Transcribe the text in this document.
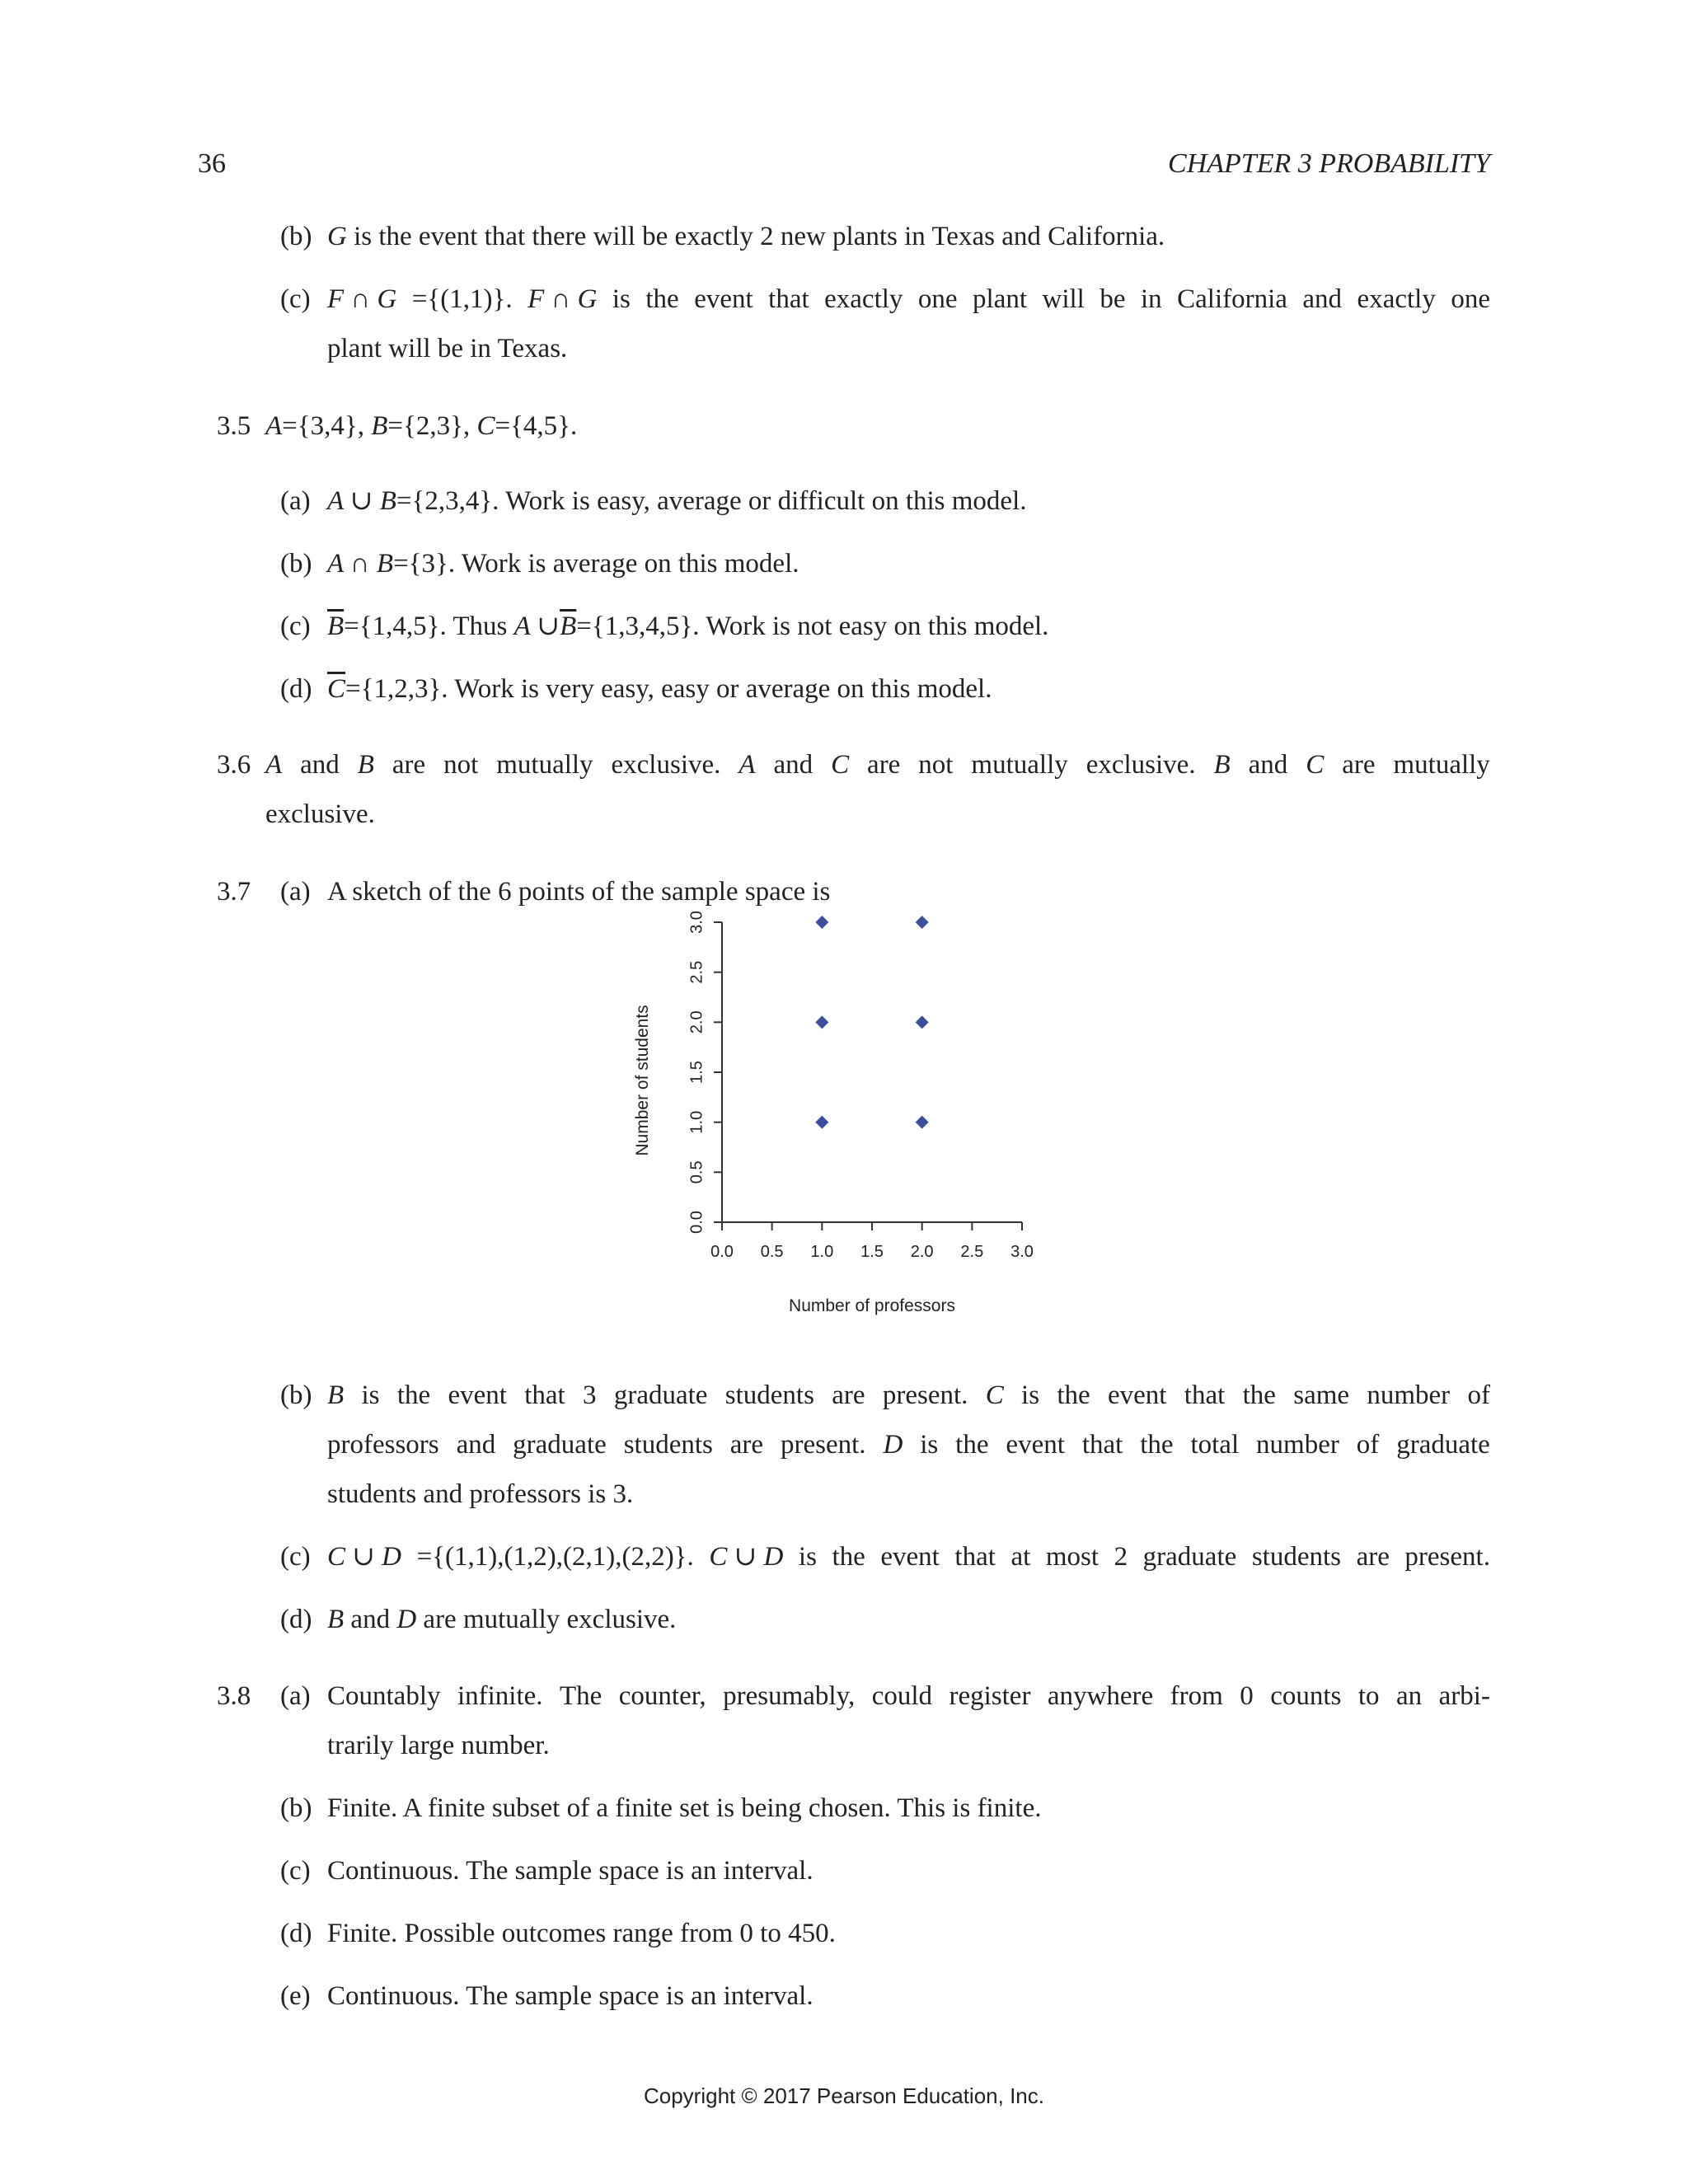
36	CHAPTER 3 PROBABILITY
(b) G is the event that there will be exactly 2 new plants in Texas and California.
(c) F ∩ G ={(1,1)}. F ∩ G is the event that exactly one plant will be in California and exactly one
plant will be in Texas.
3.5 A={3,4}, B={2,3}, C={4,5}.
(a) A ∪ B={2,3,4}. Work is easy, average or difficult on this model.
(b) A ∩ B={3}. Work is average on this model.
(c) $\overline{B}=\{1,4,5\}$. Thus A $\cup\overline{B}=\{1,3,4,5\}$. Work is not easy on this model.
(d) $\overline{C}=\{1,2,3\}$. Work is very easy, easy or average on this model.
3.6 A and B are not mutually exclusive. A and C are not mutually exclusive. B and C are mutually
exclusive.
3.7 (a) A sketch of the 6 points of the sample space is
0.0 0.5 1.0 1.5 2.0 2.5 3.0
0.0
0.5
1.0
1.5
2.0
2.5
3.0
Number of professors
Number of students
(b) B is the event that 3 graduate students are present. C is the event that the same number of
professors and graduate students are present. D is the event that the total number of graduate
students and professors is 3.
(c) C ∪ D ={(1,1),(1,2),(2,1),(2,2)}. C ∪ D is the event that at most 2 graduate students are present.
(d) B and D are mutually exclusive.
3.8 (a) Countably infinite. The counter, presumably, could register anywhere from 0 counts to an arbi-
trarily large number.
(b) Finite. A finite subset of a finite set is being chosen. This is finite.
(c) Continuous. The sample space is an interval.
(d) Finite. Possible outcomes range from 0 to 450.
(e) Continuous. The sample space is an interval.
Copyright © 2017 Pearson Education, Inc.
